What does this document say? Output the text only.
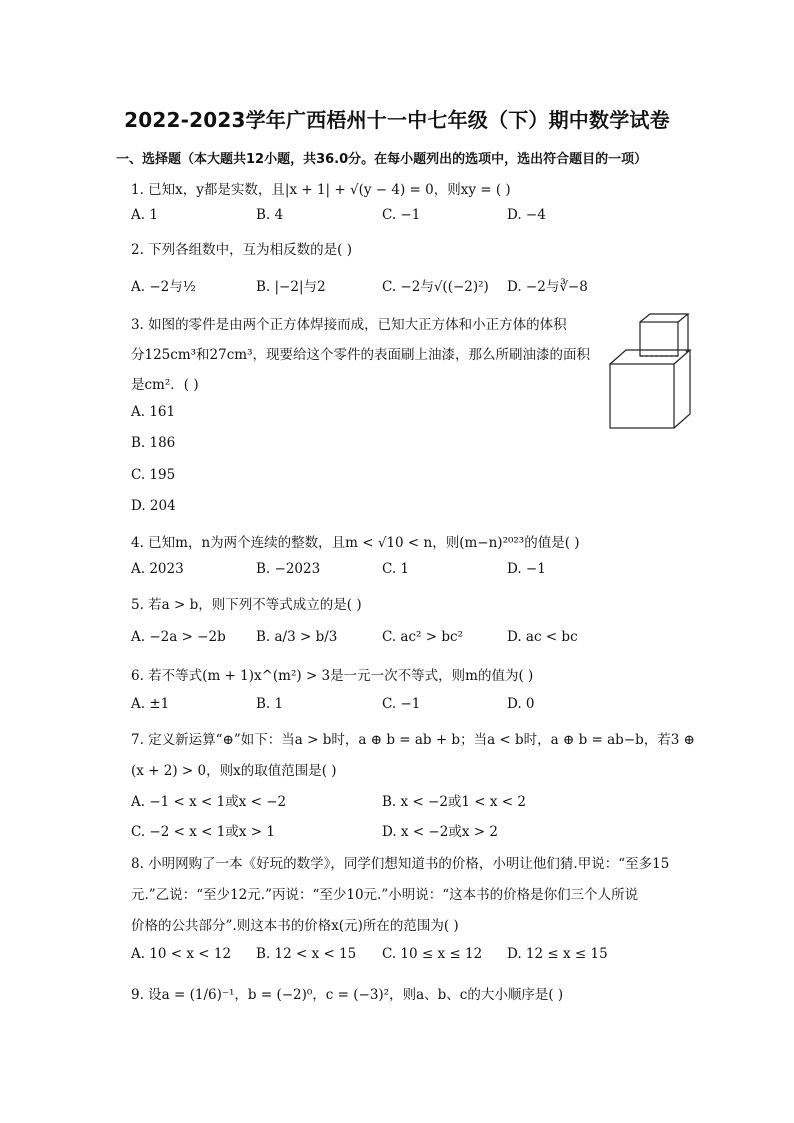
2022-2023学年广西梧州十一中七年级（下）期中数学试卷
一、选择题（本大题共12小题，共36.0分。在每小题列出的选项中，选出符合题目的一项）
1. 已知x，y都是实数，且|x + 1| + √(y − 4) = 0，则xy = ( )
A. 1	B. 4	C. −1	D. −4
2. 下列各组数中，互为相反数的是( )
A. −2与½	B. |−2|与2	C. −2与√((−2)²) D. −2与∛−8
3. 如图的零件是由两个正方体焊接而成，已知大正方体和小正方体的体积
分125cm³和27cm³，现要给这个零件的表面刷上油漆，那么所刷油漆的面积
是cm²．( )
A. 161
B. 186
C. 195
D. 204
4. 已知m，n为两个连续的整数，且m < √10 < n，则(m−n)²⁰²³的值是( )
A. 2023	B. −2023	C. 1	D. −1
5. 若a > b，则下列不等式成立的是( )
A. −2a > −2b B. a/3 > b/3	C. ac² > bc²	D. ac < bc
6. 若不等式(m + 1)x^(m²) > 3是一元一次不等式，则m的值为( )
A. ±1	B. 1	C. −1	D. 0
7. 定义新运算“⊕”如下：当a > b时，a ⊕ b = ab + b；当a < b时，a ⊕ b = ab−b，若3 ⊕
(x + 2) > 0，则x的取值范围是( )
A. −1 < x < 1或x < −2	B. x < −2或1 < x < 2
C. −2 < x < 1或x > 1	D. x < −2或x > 2
8. 小明网购了一本《好玩的数学》，同学们想知道书的价格，小明让他们猜.甲说：“至多15
元.”乙说：“至少12元.”丙说：“至少10元.”小明说：“这本书的价格是你们三个人所说
价格的公共部分”.则这本书的价格x(元)所在的范围为( )
A. 10 < x < 12 B. 12 < x < 15 C. 10 ≤ x ≤ 12 D. 12 ≤ x ≤ 15
9. 设a = (1/6)⁻¹，b = (−2)⁰，c = (−3)²，则a、b、c的大小顺序是( )
